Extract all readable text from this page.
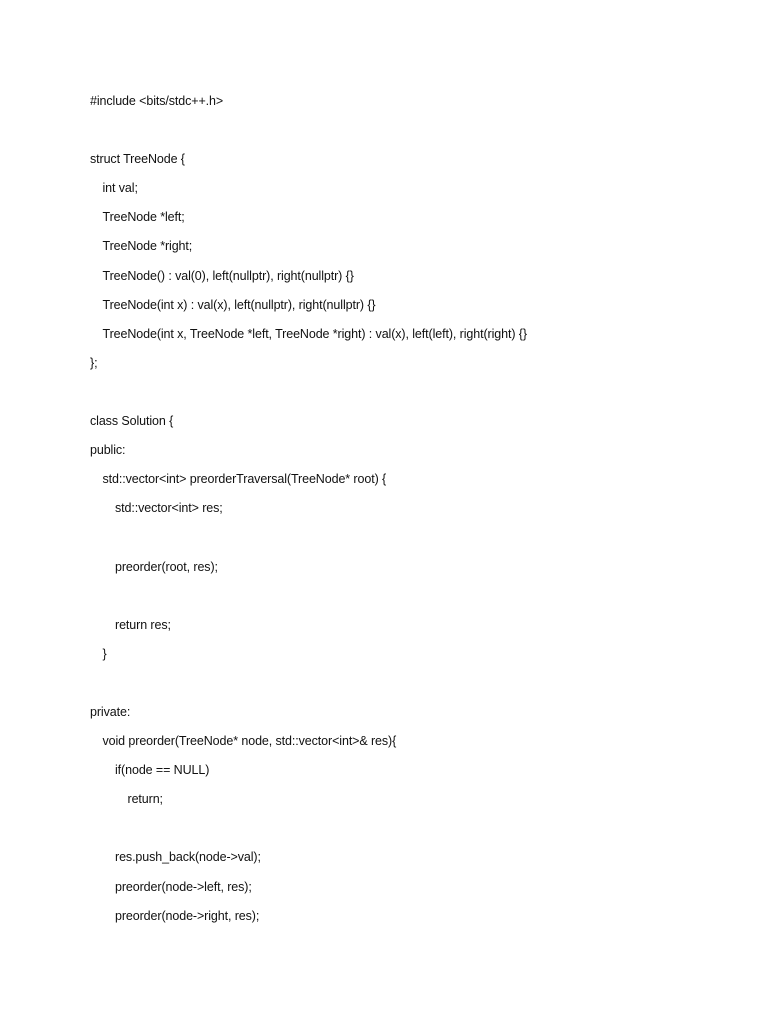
#include <bits/stdc++.h>
struct TreeNode {
int val;
TreeNode *left;
TreeNode *right;
TreeNode() : val(0), left(nullptr), right(nullptr) {}
TreeNode(int x) : val(x), left(nullptr), right(nullptr) {}
TreeNode(int x, TreeNode *left, TreeNode *right) : val(x), left(left), right(right) {}
};
class Solution {
public:
std::vector<int> preorderTraversal(TreeNode* root) {
std::vector<int> res;
preorder(root, res);
return res;
}
private:
void preorder(TreeNode* node, std::vector<int>& res){
if(node == NULL)
return;
res.push_back(node->val);
preorder(node->left, res);
preorder(node->right, res);
